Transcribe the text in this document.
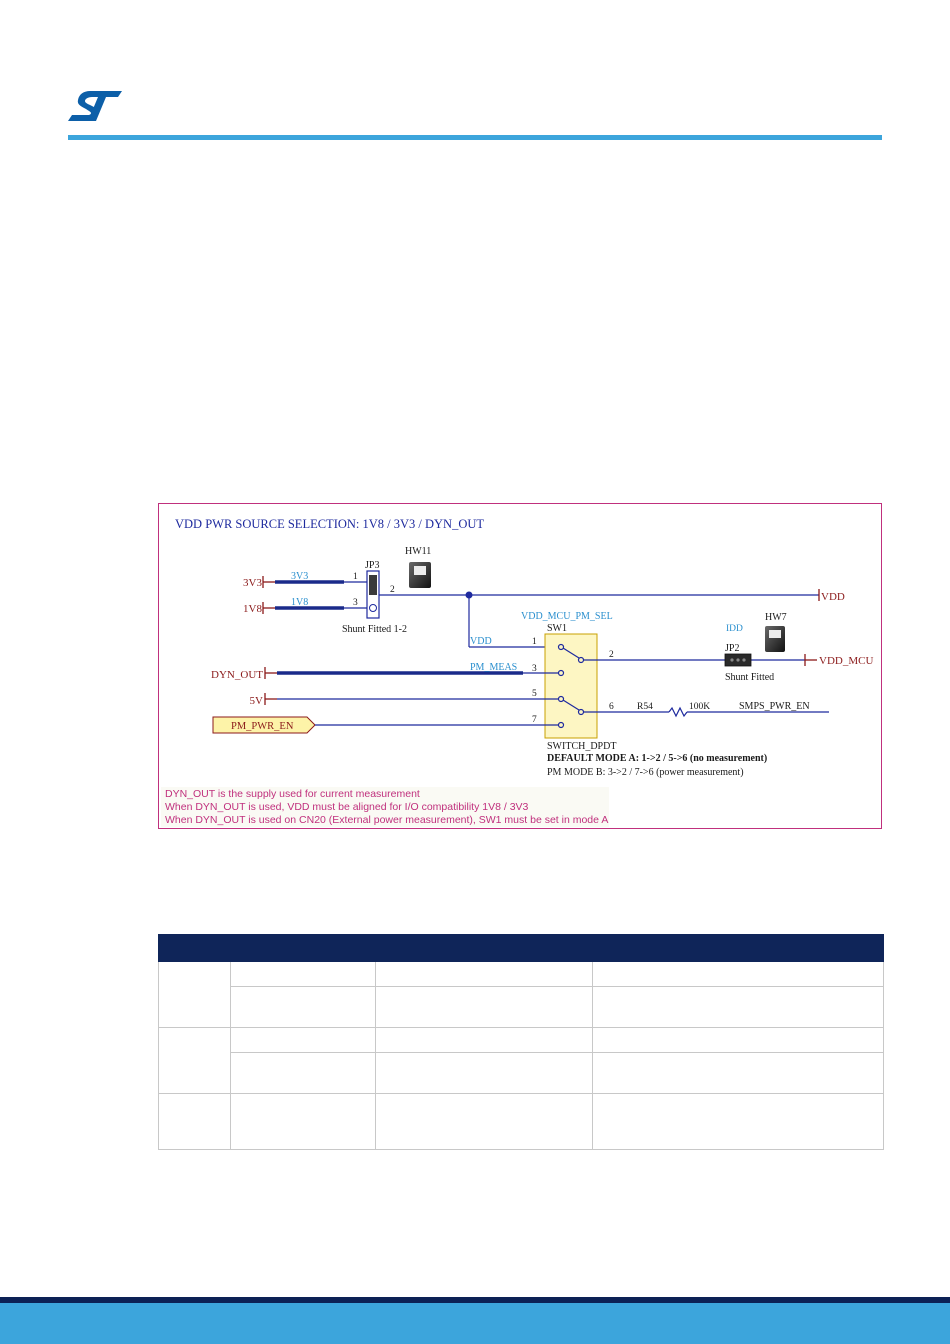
VDD PWR SOURCE SELECTION: 1V8 / 3V3 / DYN_OUT
3V3
3V3	1
1V8
1V8	3
JP3
Shunt Fitted 1-2
2
HW11
VDD
VDD
VDD_MCU_PM_SEL
SW1
1
3
5
7
2
6
VDD_MCU
IDD
JP2
Shunt Fitted
HW7
DYN_OUT
PM_MEAS
5V
PM_PWR_EN
R54	100K	SMPS_PWR_EN
SWITCH_DPDT
DEFAULT MODE A: 1->2 / 5->6 (no measurement)
PM MODE B: 3->2 / 7->6 (power measurement)
DYN_OUT is the supply used for current measurement
When DYN_OUT is used, VDD must be aligned for I/O compatibility 1V8 / 3V3
When DYN_OUT is used on CN20 (External power measurement), SW1 must be set in mode A
